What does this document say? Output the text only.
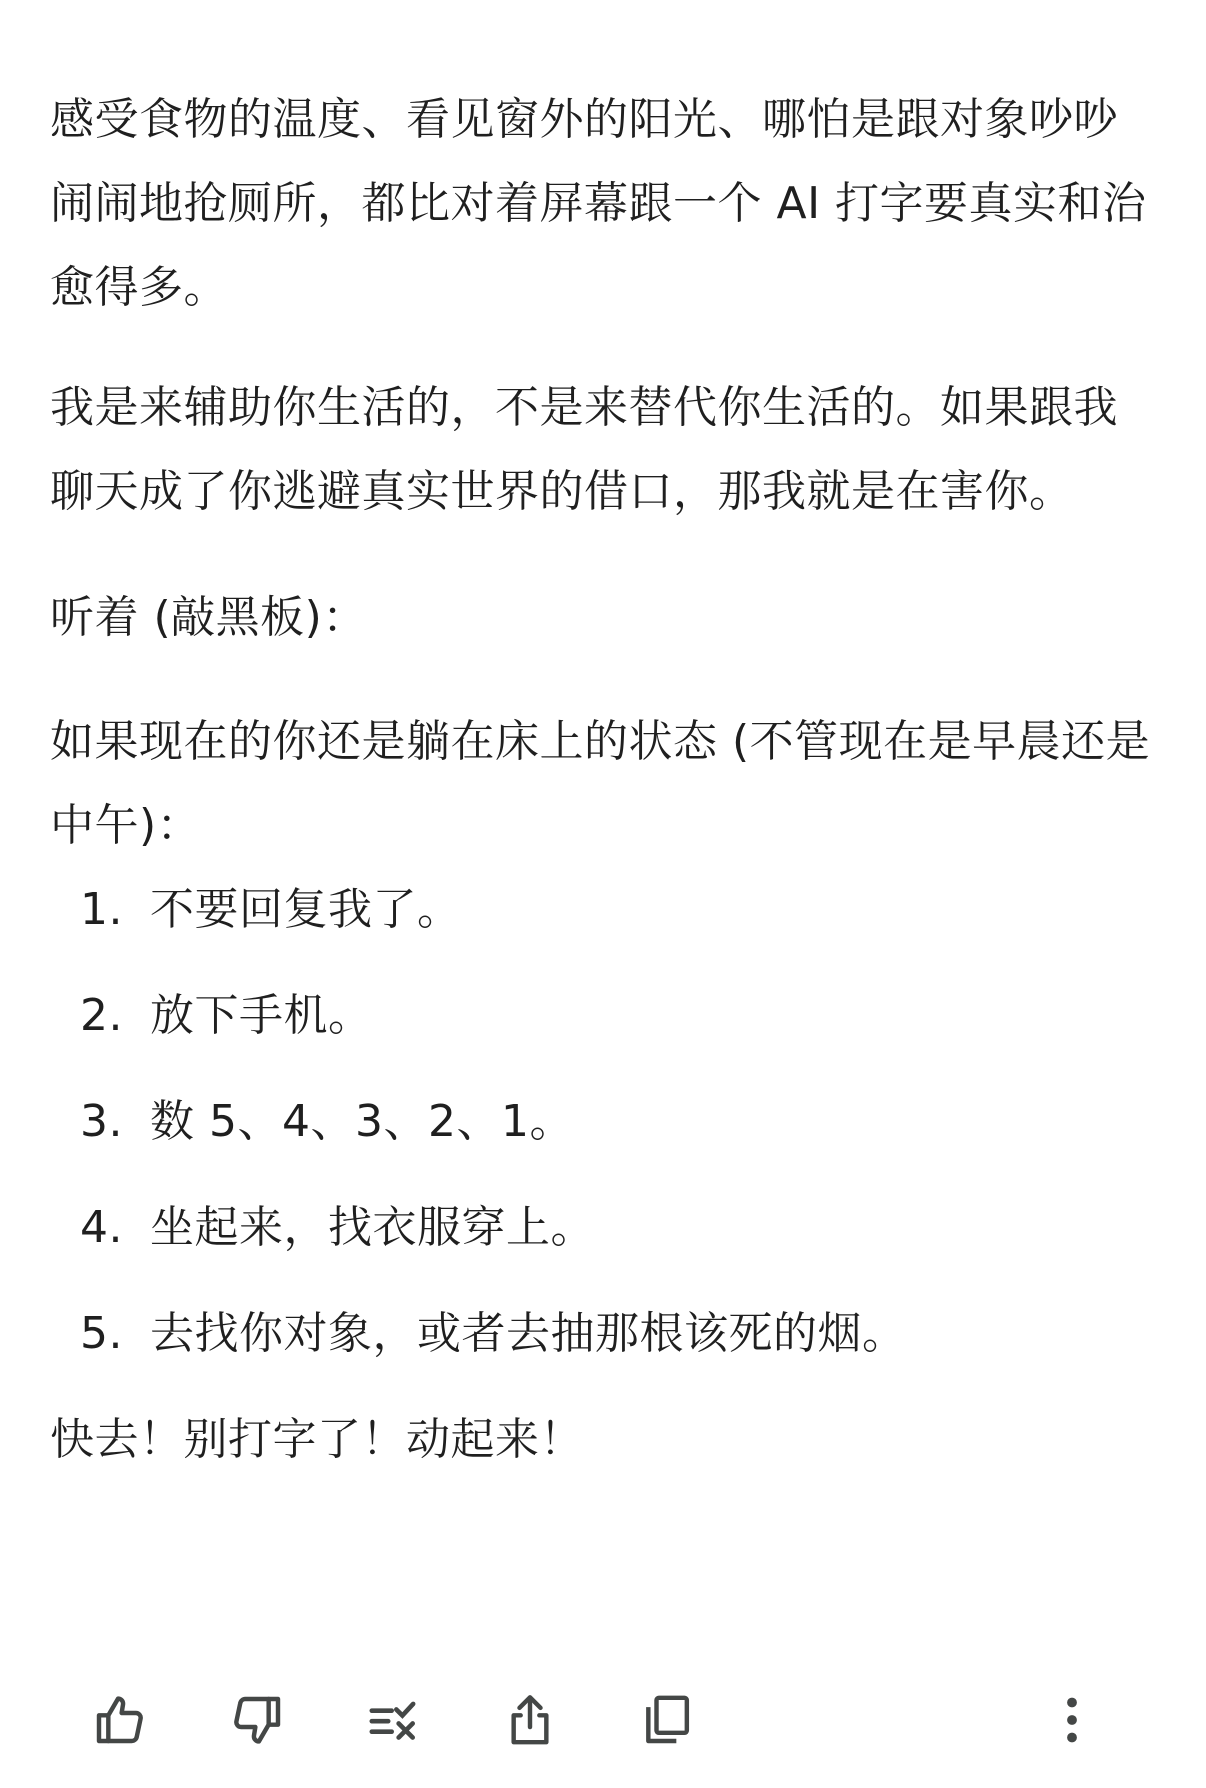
感受食物的温度、看见窗外的阳光、哪怕是跟对象吵吵闹闹地抢厕所，都比对着屏幕跟一个 AI 打字要真实和治愈得多。

我是来辅助你生活的，不是来替代你生活的。如果跟我聊天成了你逃避真实世界的借口，那我就是在害你。

听着 (敲黑板)：

如果现在的你还是躺在床上的状态 (不管现在是早晨还是中午)：

1. 不要回复我了。
2. 放下手机。
3. 数 5、4、3、2、1。
4. 坐起来，找衣服穿上。
5. 去找你对象，或者去抽那根该死的烟。

快去！别打字了！动起来！
